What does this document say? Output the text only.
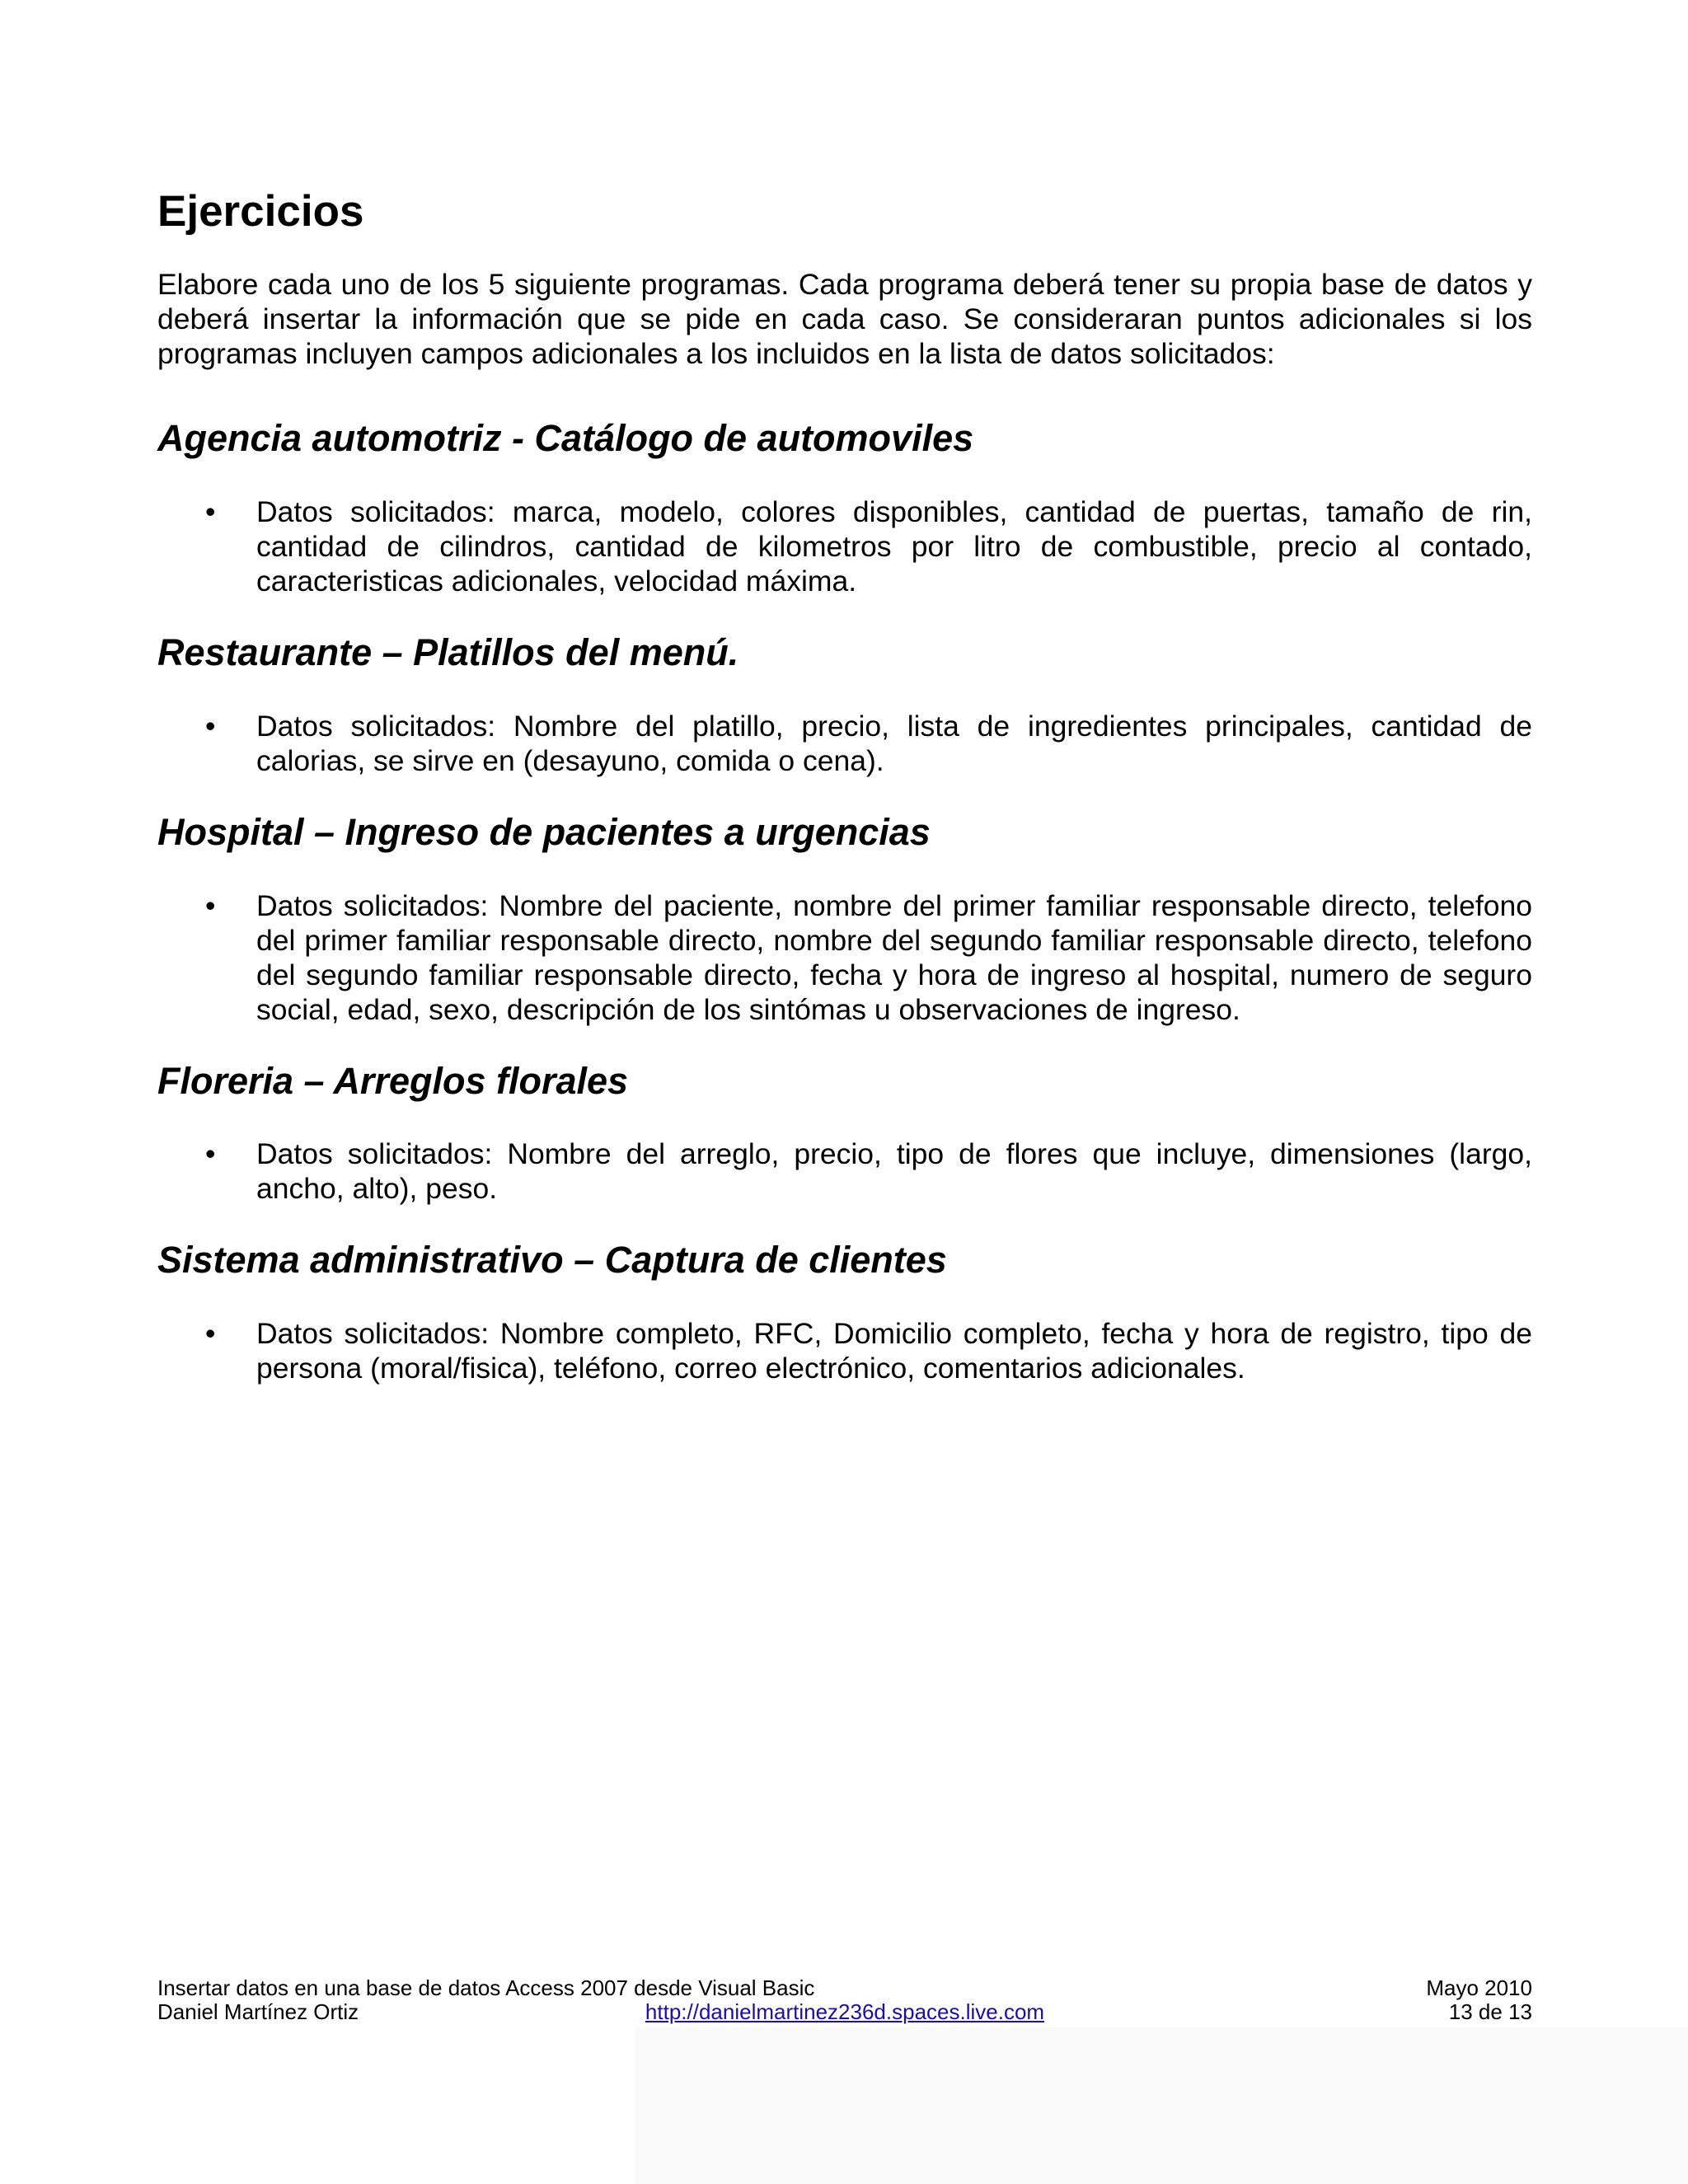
Ejercicios

Elabore cada uno de los 5 siguiente programas. Cada programa deberá tener su propia base de datos y deberá insertar la información que se pide en cada caso. Se consideraran puntos adicionales si los programas incluyen campos adicionales a los incluidos en la lista de datos solicitados:

Agencia automotriz - Catálogo de automoviles
• Datos solicitados: marca, modelo, colores disponibles, cantidad de puertas, tamaño de rin, cantidad de cilindros, cantidad de kilometros por litro de combustible, precio al contado, caracteristicas adicionales, velocidad máxima.
Restaurante – Platillos del menú.
• Datos solicitados: Nombre del platillo, precio, lista de ingredientes principales, cantidad de calorias, se sirve en (desayuno, comida o cena).
Hospital – Ingreso de pacientes a urgencias
• Datos solicitados: Nombre del paciente, nombre del primer familiar responsable directo, telefono del primer familiar responsable directo, nombre del segundo familiar responsable directo, telefono del segundo familiar responsable directo, fecha y hora de ingreso al hospital, numero de seguro social, edad, sexo, descripción de los sintómas u observaciones de ingreso.
Floreria – Arreglos florales
• Datos solicitados: Nombre del arreglo, precio, tipo de flores que incluye, dimensiones (largo, ancho, alto), peso.
Sistema administrativo – Captura de clientes
• Datos solicitados: Nombre completo, RFC, Domicilio completo, fecha y hora de registro, tipo de persona (moral/fisica), teléfono, correo electrónico, comentarios adicionales.
Insertar datos en una base de datos Access 2007 desde Visual Basic
Daniel Martínez Ortiz	http://danielmartinez236d.spaces.live.com
Mayo 2010
13 de 13
